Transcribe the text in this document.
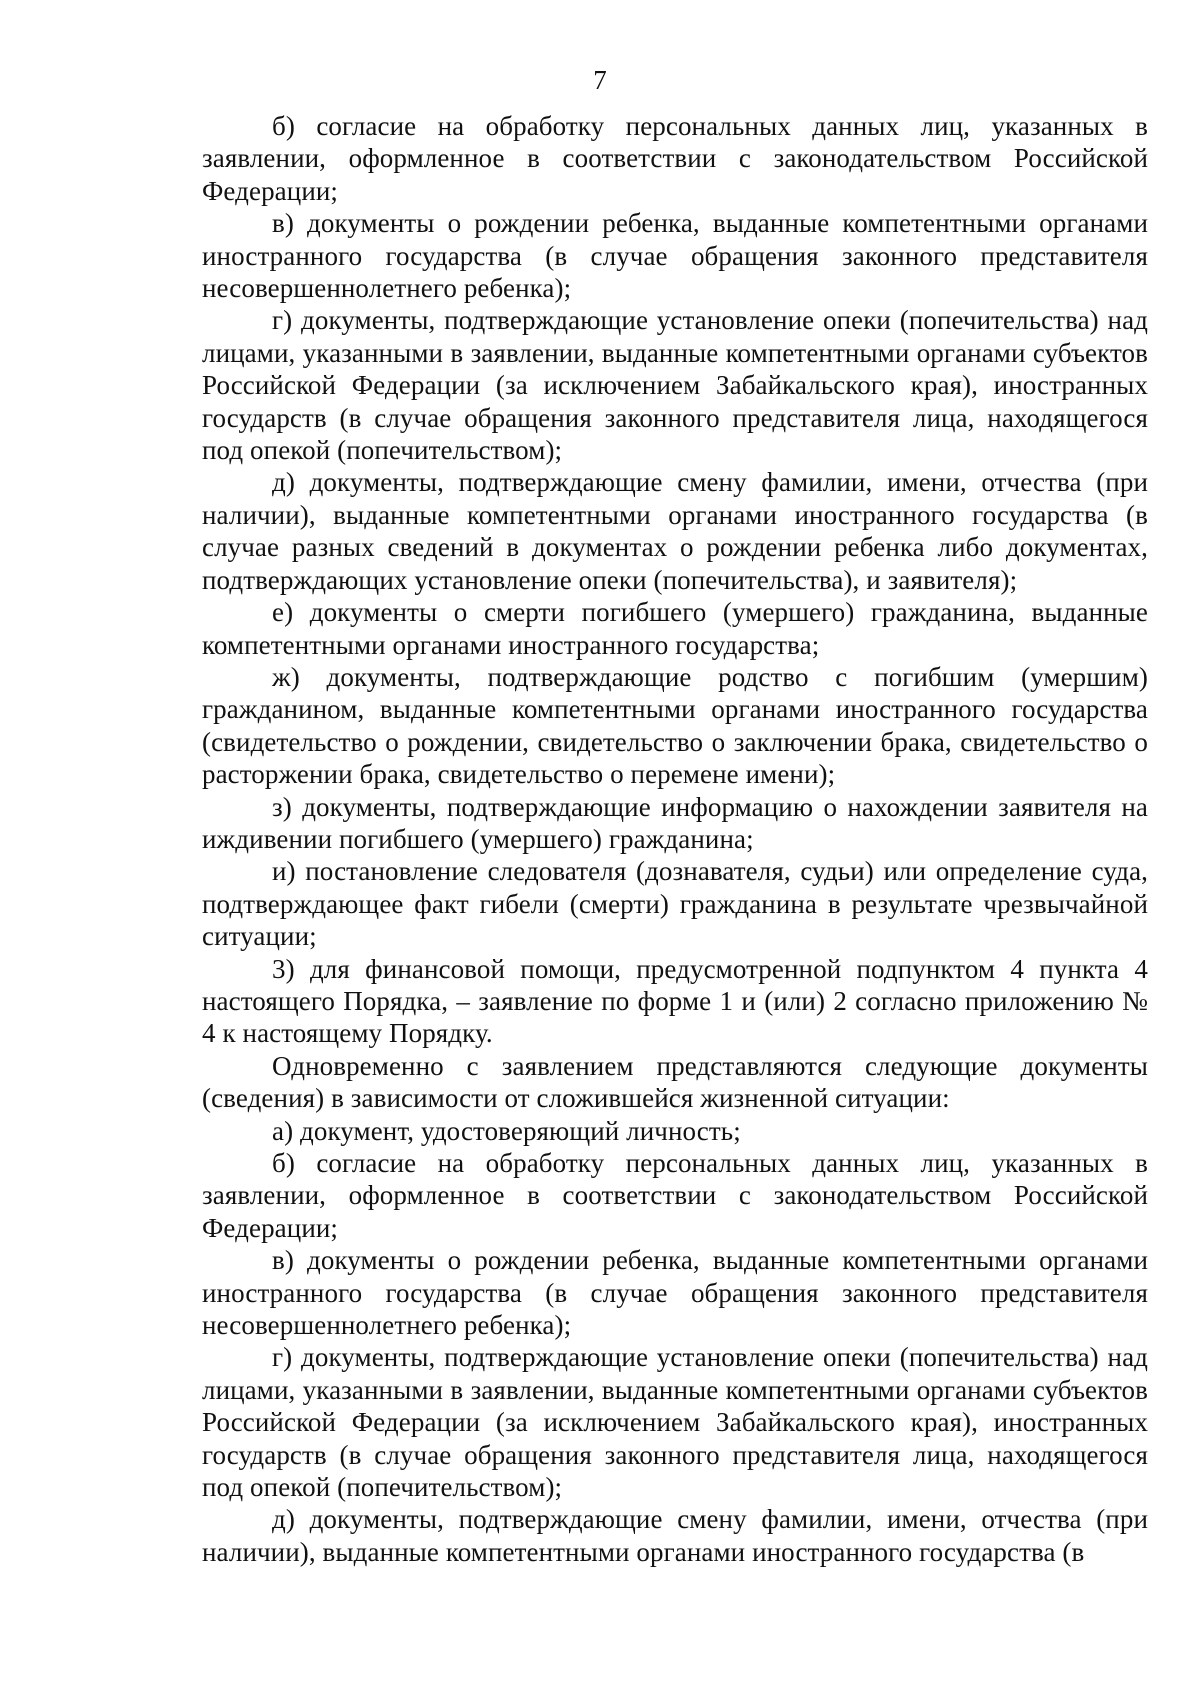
7

б) согласие на обработку персональных данных лиц, указанных в заявлении, оформленное в соответствии с законодательством Российской Федерации;

в) документы о рождении ребенка, выданные компетентными органами иностранного государства (в случае обращения законного представителя несовершеннолетнего ребенка);

г) документы, подтверждающие установление опеки (попечительства) над лицами, указанными в заявлении, выданные компетентными органами субъектов Российской Федерации (за исключением Забайкальского края), иностранных государств (в случае обращения законного представителя лица, находящегося под опекой (попечительством);

д) документы, подтверждающие смену фамилии, имени, отчества (при наличии), выданные компетентными органами иностранного государства (в случае разных сведений в документах о рождении ребенка либо документах, подтверждающих установление опеки (попечительства), и заявителя);

е) документы о смерти погибшего (умершего) гражданина, выданные компетентными органами иностранного государства;

ж) документы, подтверждающие родство с погибшим (умершим) гражданином, выданные компетентными органами иностранного государства (свидетельство о рождении, свидетельство о заключении брака, свидетельство о расторжении брака, свидетельство о перемене имени);

з) документы, подтверждающие информацию о нахождении заявителя на иждивении погибшего (умершего) гражданина;

и) постановление следователя (дознавателя, судьи) или определение суда, подтверждающее факт гибели (смерти) гражданина в результате чрезвычайной ситуации;

3) для финансовой помощи, предусмотренной подпунктом 4 пункта 4 настоящего Порядка, – заявление по форме 1 и (или) 2 согласно приложению № 4 к настоящему Порядку.

Одновременно с заявлением представляются следующие документы (сведения) в зависимости от сложившейся жизненной ситуации:

а) документ, удостоверяющий личность;

б) согласие на обработку персональных данных лиц, указанных в заявлении, оформленное в соответствии с законодательством Российской Федерации;

в) документы о рождении ребенка, выданные компетентными органами иностранного государства (в случае обращения законного представителя несовершеннолетнего ребенка);

г) документы, подтверждающие установление опеки (попечительства) над лицами, указанными в заявлении, выданные компетентными органами субъектов Российской Федерации (за исключением Забайкальского края), иностранных государств (в случае обращения законного представителя лица, находящегося под опекой (попечительством);

д) документы, подтверждающие смену фамилии, имени, отчества (при наличии), выданные компетентными органами иностранного государства (в
